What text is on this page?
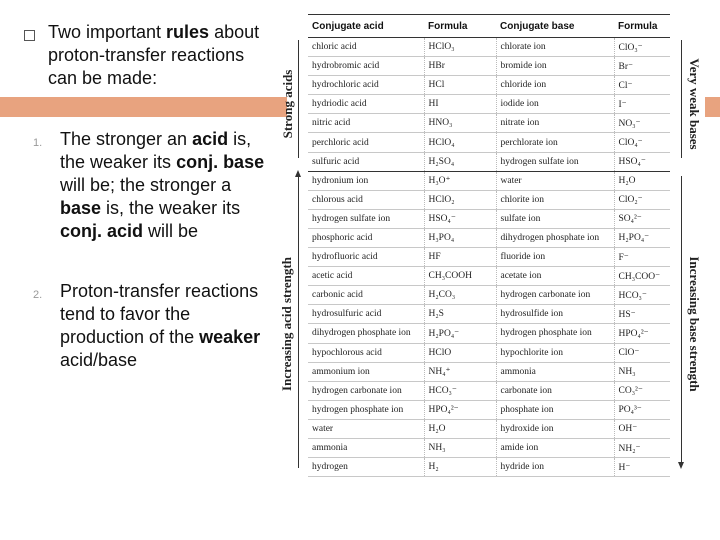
Two important rules about proton-transfer reactions can be made:
1. The stronger an acid is, the weaker its conj. base will be; the stronger a base is, the weaker its conj. acid will be
2. Proton-transfer reactions tend to favor the production of the weaker acid/base
Strong acids
Increasing acid strength
Very weak bases
Increasing base strength
Conjugate acid	Formula	Conjugate base	Formula
chloric acid	HClO₃	chlorate ion	ClO₃⁻
hydrobromic acid	HBr	bromide ion	Br⁻
hydrochloric acid	HCl	chloride ion	Cl⁻
hydriodic acid	HI	iodide ion	I⁻
nitric acid	HNO₃	nitrate ion	NO₃⁻
perchloric acid	HClO₄	perchlorate ion	ClO₄⁻
sulfuric acid	H₂SO₄	hydrogen sulfate ion	HSO₄⁻
hydronium ion	H₃O⁺	water	H₂O
chlorous acid	HClO₂	chlorite ion	ClO₂⁻
hydrogen sulfate ion	HSO₄⁻	sulfate ion	SO₄²⁻
phosphoric acid	H₃PO₄	dihydrogen phosphate ion	H₂PO₄⁻
hydrofluoric acid	HF	fluoride ion	F⁻
acetic acid	CH₃COOH	acetate ion	CH₃COO⁻
carbonic acid	H₂CO₃	hydrogen carbonate ion	HCO₃⁻
hydrosulfuric acid	H₂S	hydrosulfide ion	HS⁻
dihydrogen phosphate ion	H₂PO₄⁻	hydrogen phosphate ion	HPO₄²⁻
hypochlorous acid	HClO	hypochlorite ion	ClO⁻
ammonium ion	NH₄⁺	ammonia	NH₃
hydrogen carbonate ion	HCO₃⁻	carbonate ion	CO₃²⁻
hydrogen phosphate ion	HPO₄²⁻	phosphate ion	PO₄³⁻
water	H₂O	hydroxide ion	OH⁻
ammonia	NH₃	amide ion	NH₂⁻
hydrogen	H₂	hydride ion	H⁻
